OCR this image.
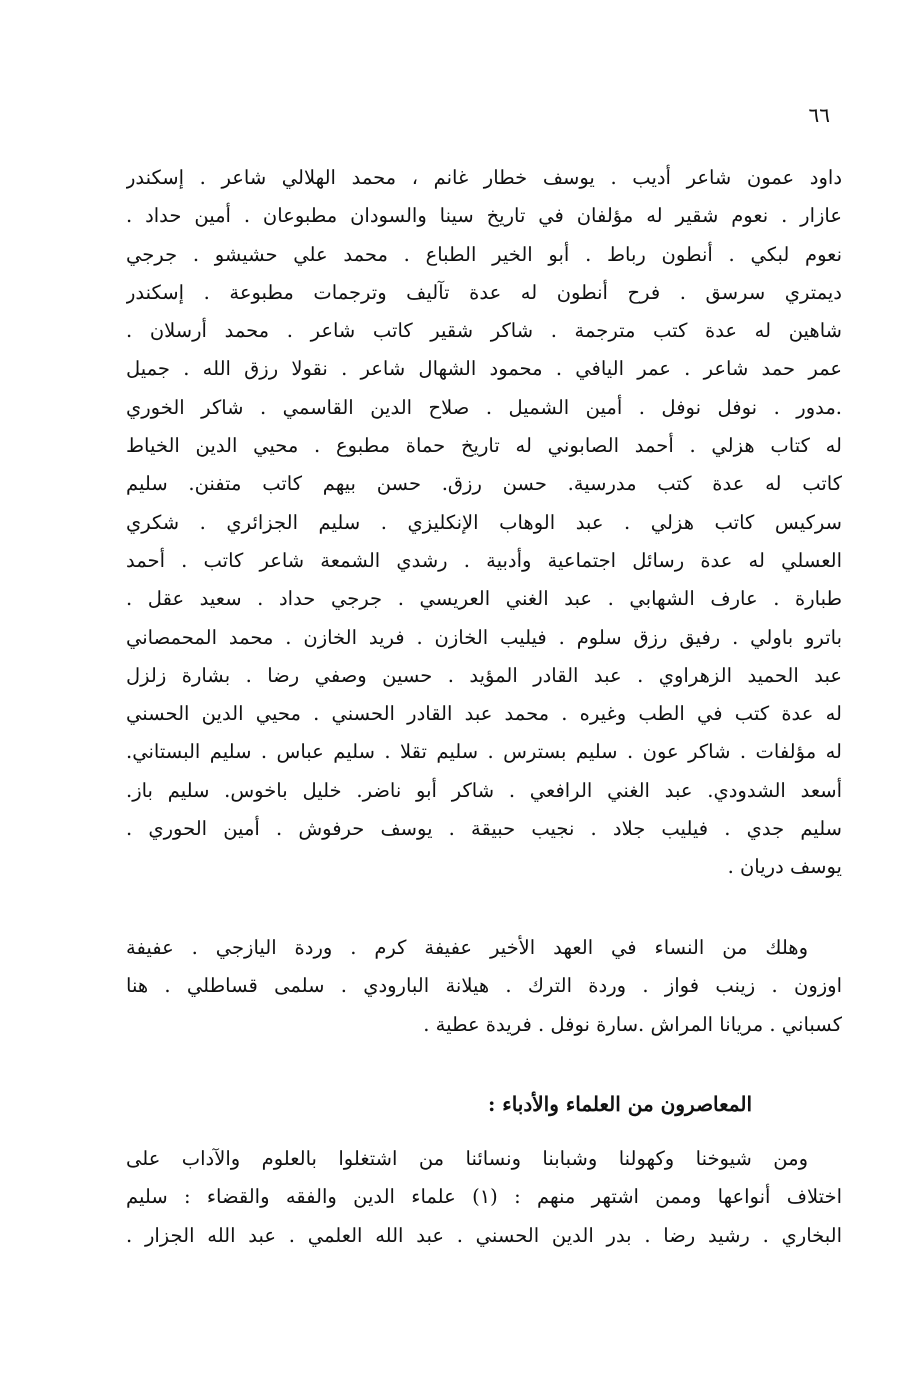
٦٦
داود عمون شاعر أديب . يوسف خطار غانم ، محمد الهلالي شاعر . إسكندر
عازار . نعوم شقير له مؤلفان في تاريخ سينا والسودان مطبوعان . أمين حداد .
نعوم لبكي . أنطون رباط . أبو الخير الطباع . محمد علي حشيشو . جرجي
ديمتري سرسق . فرح أنطون له عدة تآليف وترجمات مطبوعة . إسكندر
شاهين له عدة كتب مترجمة . شاكر شقير كاتب شاعر . محمد أرسلان .
عمر حمد شاعر . عمر اليافي . محمود الشهال شاعر . نقولا رزق الله . جميل
.مدور . نوفل نوفل . أمين الشميل . صلاح الدين القاسمي . شاكر الخوري
له كتاب هزلي . أحمد الصابوني له تاريخ حماة مطبوع . محيي الدين الخياط
كاتب له عدة كتب مدرسية. حسن رزق. حسن بيهم كاتب متفنن. سليم
سركيس كاتب هزلي . عبد الوهاب الإنكليزي . سليم الجزائري . شكري
العسلي له عدة رسائل اجتماعية وأدبية . رشدي الشمعة شاعر كاتب . أحمد
طبارة . عارف الشهابي . عبد الغني العريسي . جرجي حداد . سعيد عقل .
باترو باولي . رفيق رزق سلوم . فيليب الخازن . فريد الخازن . محمد المحمصاني
عبد الحميد الزهراوي . عبد القادر المؤيد . حسين وصفي رضا . بشارة زلزل
له عدة كتب في الطب وغيره . محمد عبد القادر الحسني . محيي الدين الحسني
له مؤلفات . شاكر عون . سليم بسترس . سليم تقلا . سليم عباس . سليم البستاني.
أسعد الشدودي. عبد الغني الرافعي . شاكر أبو ناضر. خليل باخوس. سليم باز.
سليم جدي . فيليب جلاد . نجيب حبيقة . يوسف حرفوش . أمين الحوري .
يوسف دريان .
وهلك من النساء في العهد الأخير عفيفة كرم . وردة اليازجي . عفيفة
اوزون . زينب فواز . وردة الترك . هيلانة البارودي . سلمى قساطلي . هنا
كسباني . مريانا المراش .سارة نوفل . فريدة عطية .
المعاصرون من العلماء والأدباء :
ومن شيوخنا وكهولنا وشبابنا ونسائنا من اشتغلوا بالعلوم والآداب على
اختلاف أنواعها وممن اشتهر منهم : (١) علماء الدين والفقه والقضاء : سليم
البخاري . رشيد رضا . بدر الدين الحسني . عبد الله العلمي . عبد الله الجزار .
